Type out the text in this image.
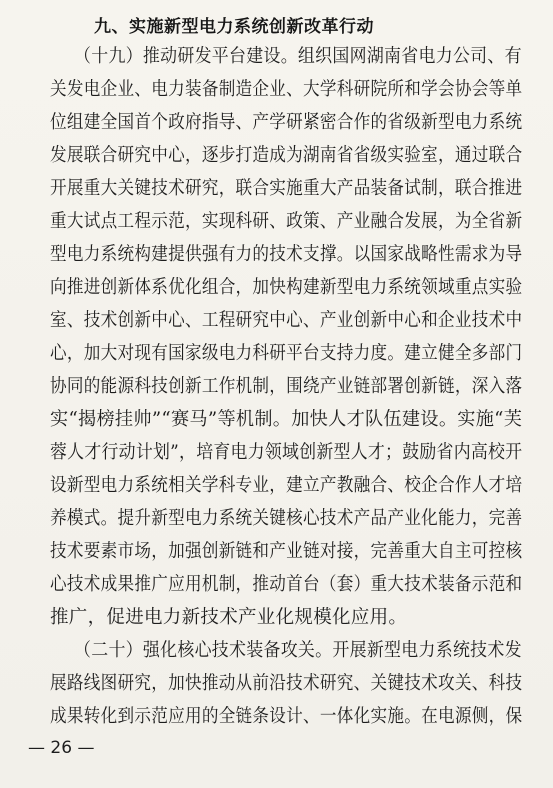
九、实施新型电力系统创新改革行动
（十九）推动研发平台建设。组织国网湖南省电力公司、有
关发电企业、电力装备制造企业、大学科研院所和学会协会等单
位组建全国首个政府指导、产学研紧密合作的省级新型电力系统
发展联合研究中心，逐步打造成为湖南省省级实验室，通过联合
开展重大关键技术研究，联合实施重大产品装备试制，联合推进
重大试点工程示范，实现科研、政策、产业融合发展，为全省新
型电力系统构建提供强有力的技术支撑。以国家战略性需求为导
向推进创新体系优化组合，加快构建新型电力系统领域重点实验
室、技术创新中心、工程研究中心、产业创新中心和企业技术中
心，加大对现有国家级电力科研平台支持力度。建立健全多部门
协同的能源科技创新工作机制，围绕产业链部署创新链，深入落
实“揭榜挂帅”“赛马”等机制。加快人才队伍建设。实施“芙
蓉人才行动计划”，培育电力领域创新型人才；鼓励省内高校开
设新型电力系统相关学科专业，建立产教融合、校企合作人才培
养模式。提升新型电力系统关键核心技术产品产业化能力，完善
技术要素市场，加强创新链和产业链对接，完善重大自主可控核
心技术成果推广应用机制，推动首台（套）重大技术装备示范和
推广，促进电力新技术产业化规模化应用。
（二十）强化核心技术装备攻关。开展新型电力系统技术发
展路线图研究，加快推动从前沿技术研究、关键技术攻关、科技
成果转化到示范应用的全链条设计、一体化实施。在电源侧，保
— 26 —
